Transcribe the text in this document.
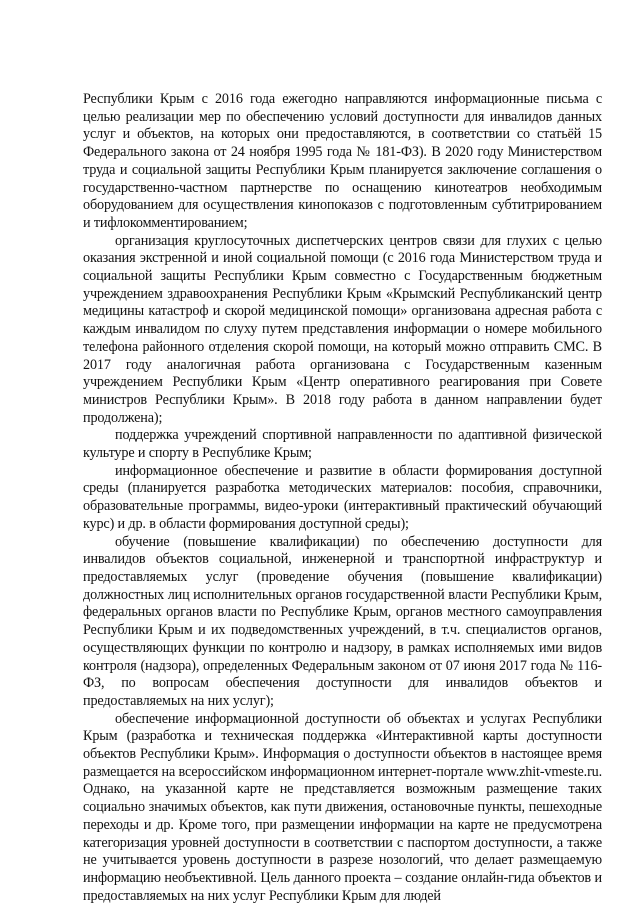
Республики Крым с 2016 года ежегодно направляются информационные письма с целью реализации мер по обеспечению условий доступности для инвалидов данных услуг и объектов, на которых они предоставляются, в соответствии со статьёй 15 Федерального закона от 24 ноября 1995 года № 181-ФЗ). В 2020 году Министерством труда и социальной защиты Республики Крым планируется заключение соглашения о государственно-частном партнерстве по оснащению кинотеатров необходимым оборудованием для осуществления кинопоказов с подготовленным субтитрированием и тифлокомментированием;

организация круглосуточных диспетчерских центров связи для глухих с целью оказания экстренной и иной социальной помощи (с 2016 года Министерством труда и социальной защиты Республики Крым совместно с Государственным бюджетным учреждением здравоохранения Республики Крым «Крымский Республиканский центр медицины катастроф и скорой медицинской помощи» организована адресная работа с каждым инвалидом по слуху путем представления информации о номере мобильного телефона районного отделения скорой помощи, на который можно отправить СМС. В 2017 году аналогичная работа организована с Государственным казенным учреждением Республики Крым «Центр оперативного реагирования при Совете министров Республики Крым». В 2018 году работа в данном направлении будет продолжена);

поддержка учреждений спортивной направленности по адаптивной физической культуре и спорту в Республике Крым;

информационное обеспечение и развитие в области формирования доступной среды (планируется разработка методических материалов: пособия, справочники, образовательные программы, видео-уроки (интерактивный практический обучающий курс) и др. в области формирования доступной среды);

обучение (повышение квалификации) по обеспечению доступности для инвалидов объектов социальной, инженерной и транспортной инфраструктур и предоставляемых услуг (проведение обучения (повышение квалификации) должностных лиц исполнительных органов государственной власти Республики Крым, федеральных органов власти по Республике Крым, органов местного самоуправления Республики Крым и их подведомственных учреждений, в т.ч. специалистов органов, осуществляющих функции по контролю и надзору, в рамках исполняемых ими видов контроля (надзора), определенных Федеральным законом от 07 июня 2017 года № 116-ФЗ, по вопросам обеспечения доступности для инвалидов объектов и предоставляемых на них услуг);

обеспечение информационной доступности об объектах и услугах Республики Крым (разработка и техническая поддержка «Интерактивной карты доступности объектов Республики Крым». Информация о доступности объектов в настоящее время размещается на всероссийском информационном интернет-портале www.zhit-vmeste.ru. Однако, на указанной карте не представляется возможным размещение таких социально значимых объектов, как пути движения, остановочные пункты, пешеходные переходы и др. Кроме того, при размещении информации на карте не предусмотрена категоризация уровней доступности в соответствии с паспортом доступности, а также не учитывается уровень доступности в разрезе нозологий, что делает размещаемую информацию необъективной. Цель данного проекта – создание онлайн-гида объектов и предоставляемых на них услуг Республики Крым для людей
